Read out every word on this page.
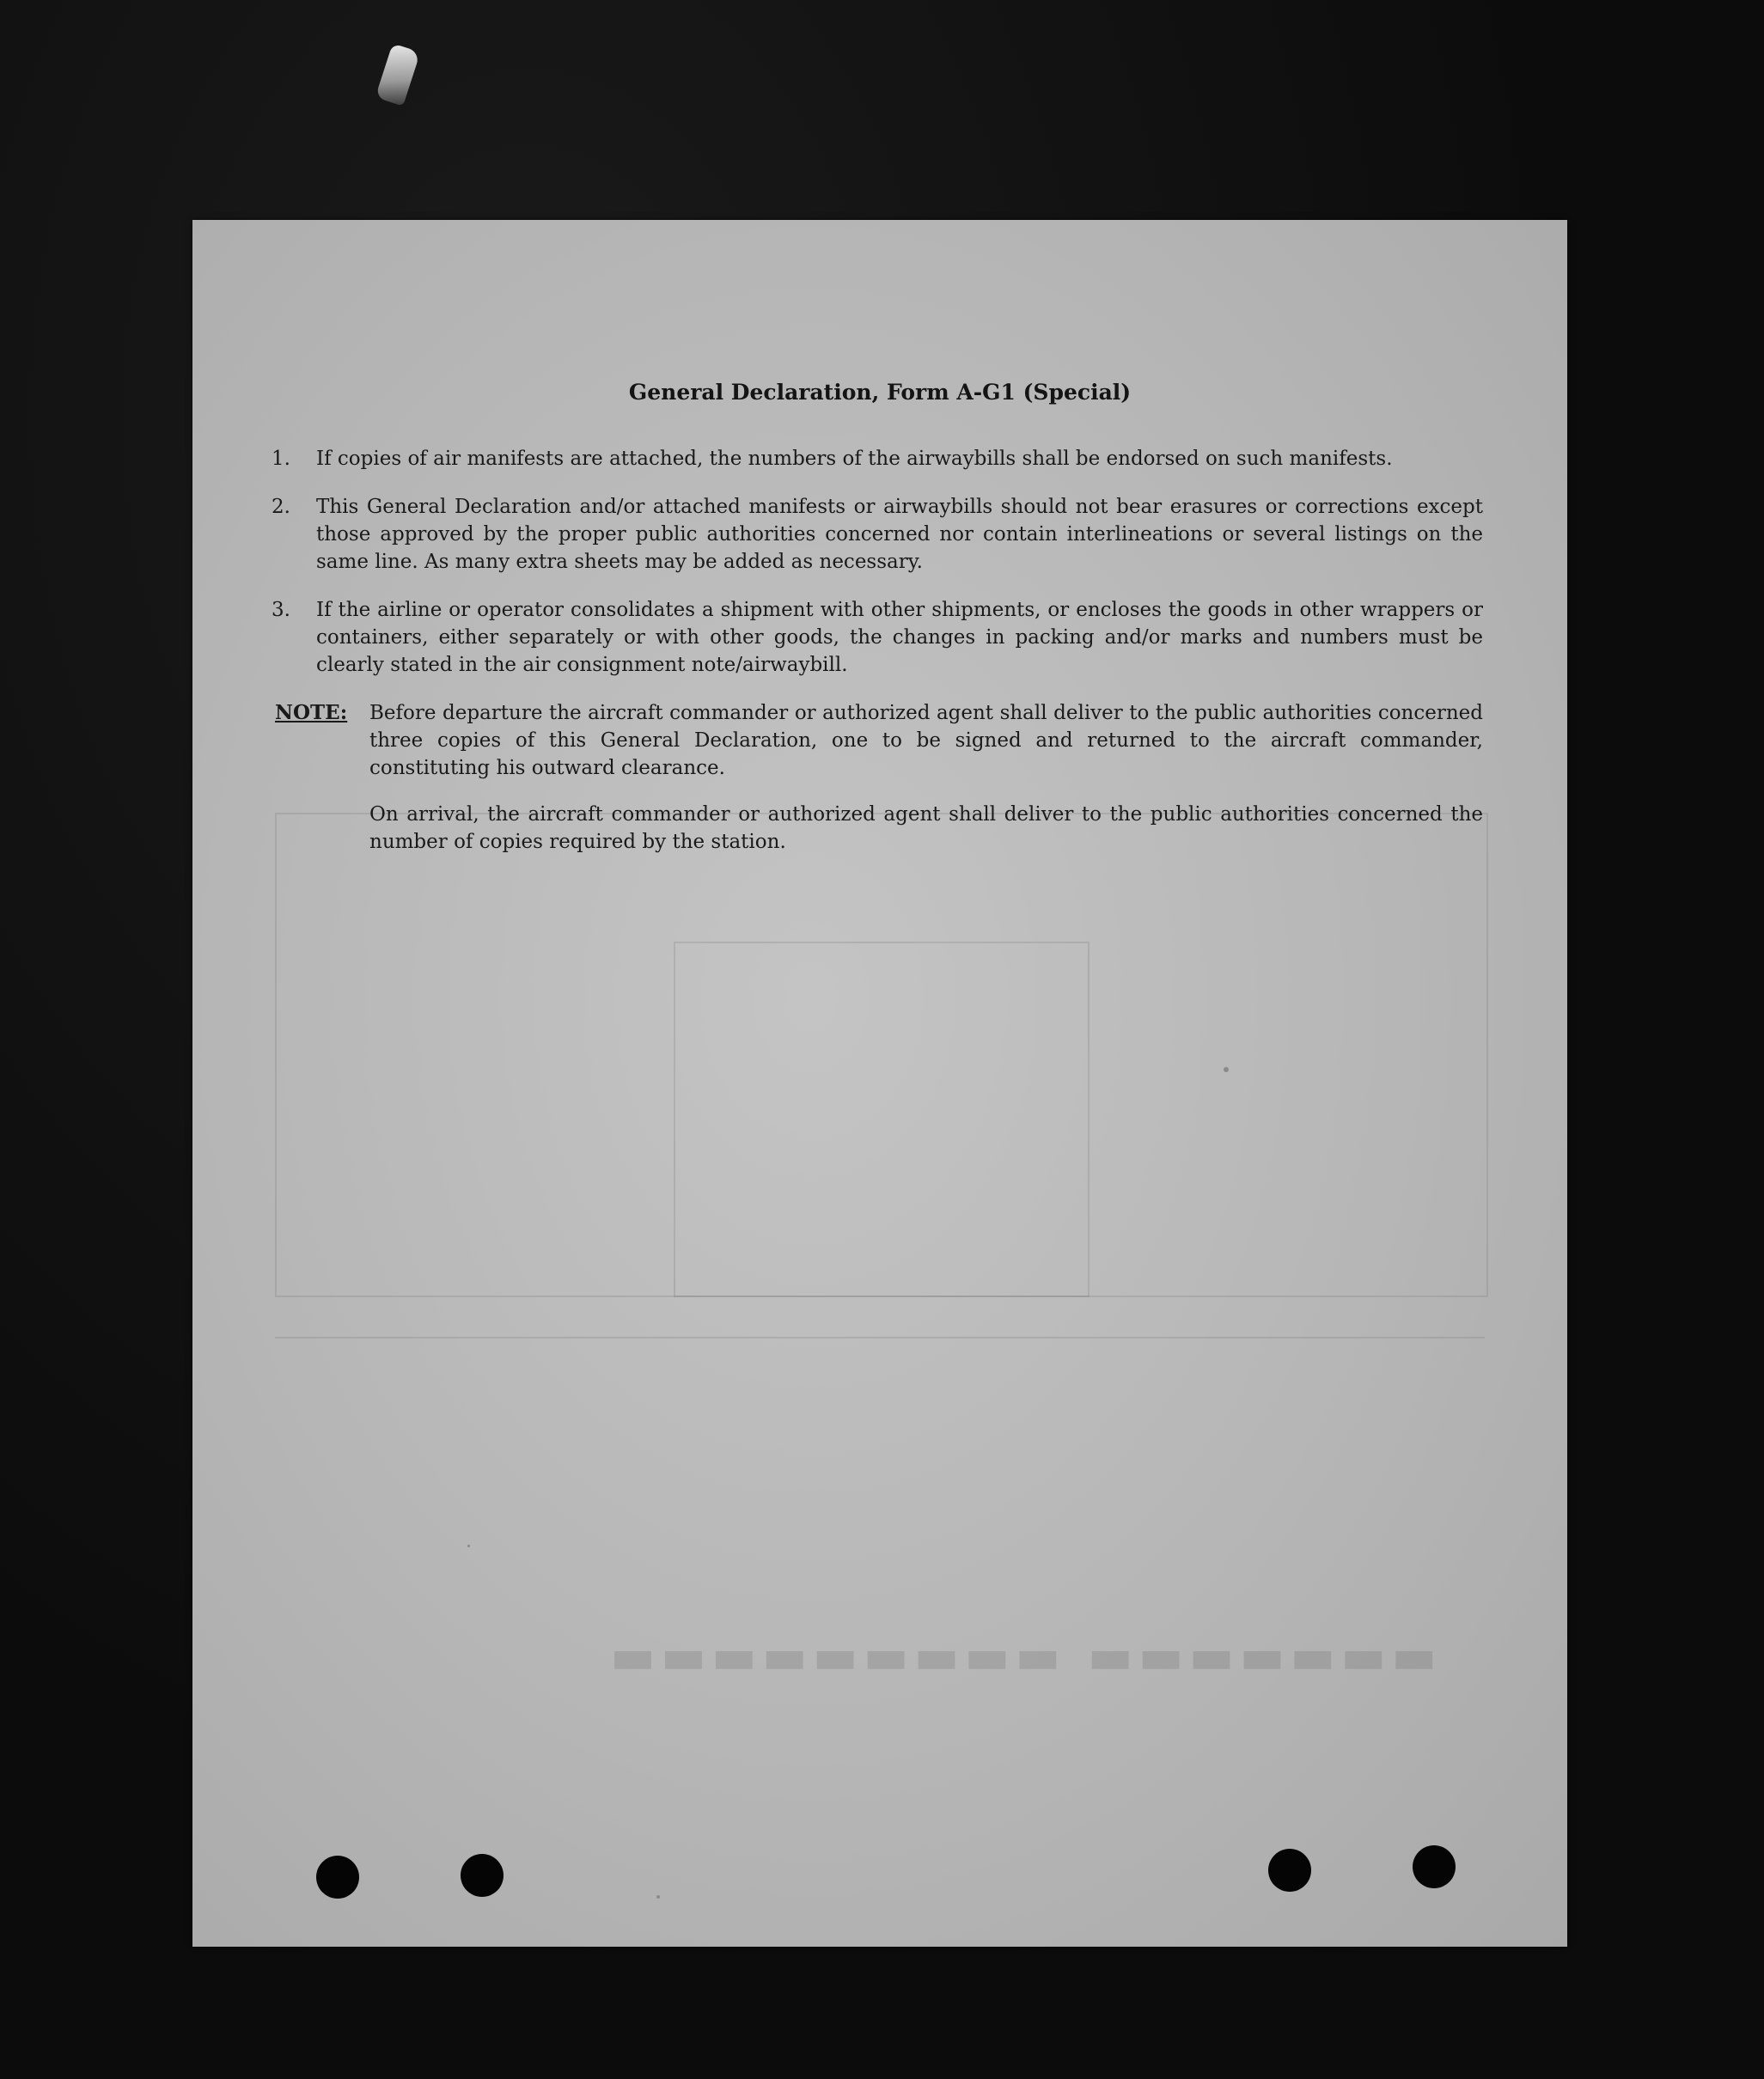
▬▬▬▬▬▬▬ ▬▬▬▬▬▬▬▬▬
General Declaration, Form A-G1 (Special)
1.	If copies of air manifests are attached, the numbers of the airwaybills shall be endorsed on such manifests.
2.	This General Declaration and/or attached manifests or airwaybills should not bear erasures or corrections except those approved by the proper public authorities concerned nor contain interlineations or several listings on the same line. As many extra sheets may be added as necessary.
3.	If the airline or operator consolidates a shipment with other shipments, or encloses the goods in other wrappers or containers, either separately or with other goods, the changes in packing and/or marks and numbers must be clearly stated in the air consignment note/airwaybill.
NOTE: Before departure the aircraft commander or authorized agent shall deliver to the public authorities concerned three copies of this General Declaration, one to be signed and returned to the aircraft commander, constituting his outward clearance.
On arrival, the aircraft commander or authorized agent shall deliver to the public authorities concerned the number of copies required by the station.
